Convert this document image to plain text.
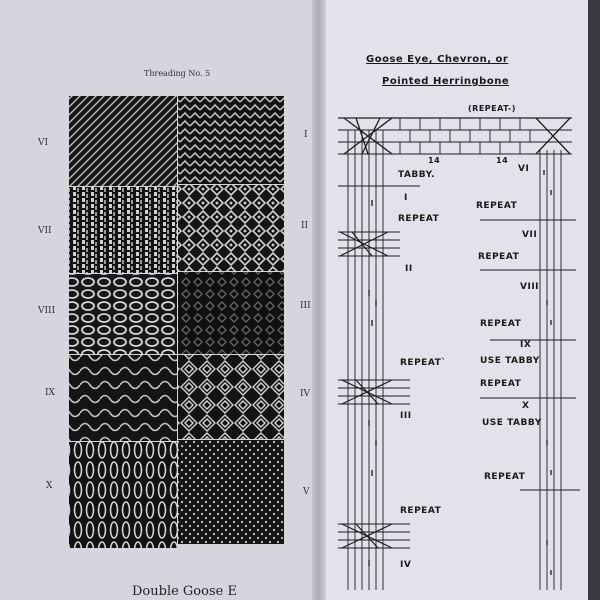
Threading No. 5
VI
VII
VIII
IX
X
Double Goose E
I
II
III
IV
V
Goose Eye, Chevron, or
Pointed Herringbone
(REPEAT-)
14	14
TABBY.
I
II
III
IV
VI
VII
VIII
IX
X
REPEAT
REPEAT
REPEAT
REPEAT
REPEAT`	USE TABBY
REPEAT
USE TABBY
REPEAT
REPEAT
